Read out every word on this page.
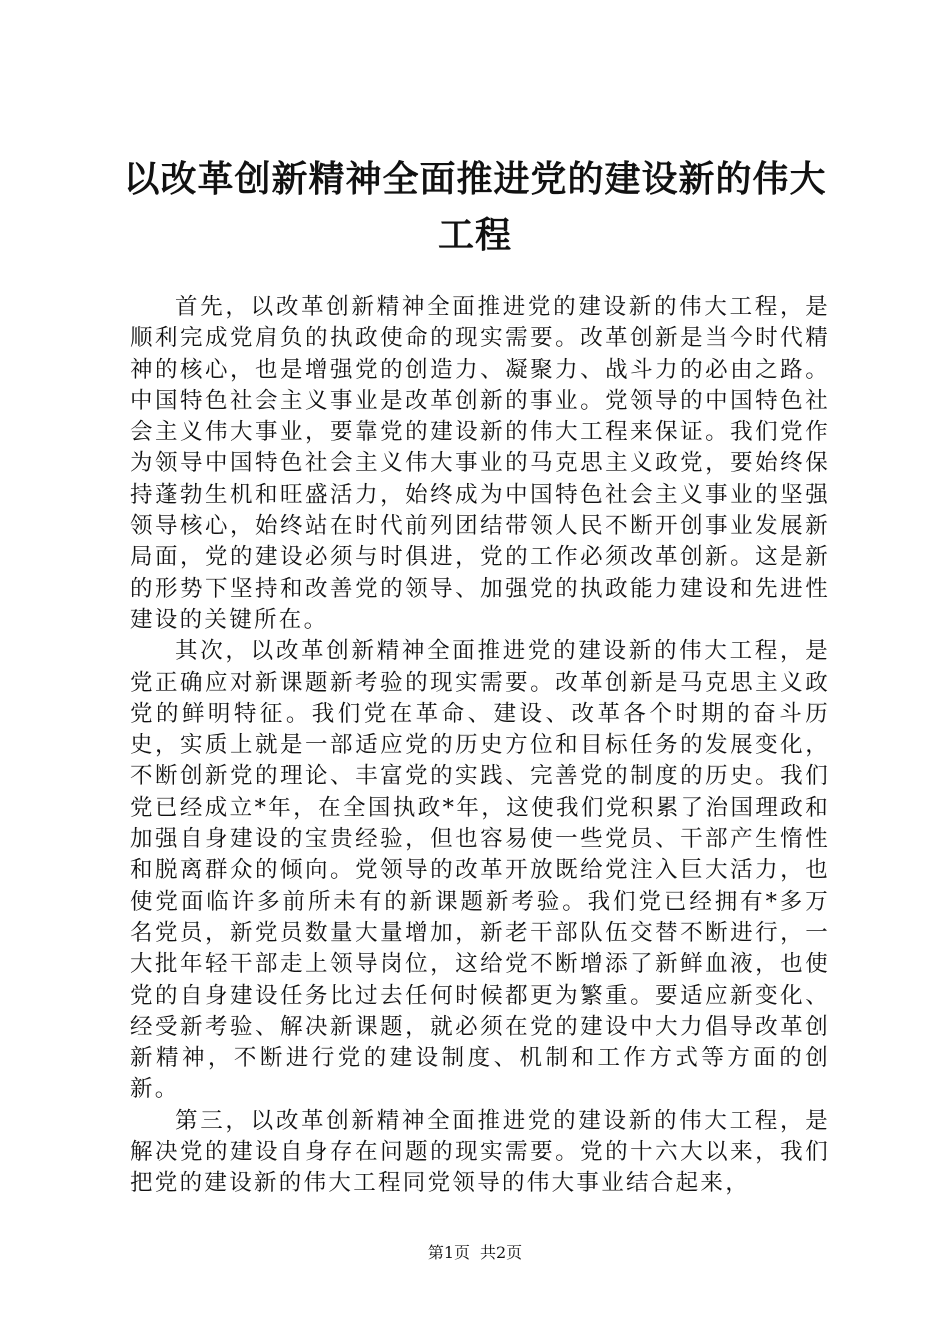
以改革创新精神全面推进党的建设新的伟大工程

首先，以改革创新精神全面推进党的建设新的伟大工程，是顺利完成党肩负的执政使命的现实需要。改革创新是当今时代精神的核心，也是增强党的创造力、凝聚力、战斗力的必由之路。中国特色社会主义事业是改革创新的事业。党领导的中国特色社会主义伟大事业，要靠党的建设新的伟大工程来保证。我们党作为领导中国特色社会主义伟大事业的马克思主义政党，要始终保持蓬勃生机和旺盛活力，始终成为中国特色社会主义事业的坚强领导核心，始终站在时代前列团结带领人民不断开创事业发展新局面，党的建设必须与时俱进，党的工作必须改革创新。这是新的形势下坚持和改善党的领导、加强党的执政能力建设和先进性建设的关键所在。

其次，以改革创新精神全面推进党的建设新的伟大工程，是党正确应对新课题新考验的现实需要。改革创新是马克思主义政党的鲜明特征。我们党在革命、建设、改革各个时期的奋斗历史，实质上就是一部适应党的历史方位和目标任务的发展变化，不断创新党的理论、丰富党的实践、完善党的制度的历史。我们党已经成立*年，在全国执政*年，这使我们党积累了治国理政和加强自身建设的宝贵经验，但也容易使一些党员、干部产生惰性和脱离群众的倾向。党领导的改革开放既给党注入巨大活力，也使党面临许多前所未有的新课题新考验。我们党已经拥有*多万名党员，新党员数量大量增加，新老干部队伍交替不断进行，一大批年轻干部走上领导岗位，这给党不断增添了新鲜血液，也使党的自身建设任务比过去任何时候都更为繁重。要适应新变化、经受新考验、解决新课题，就必须在党的建设中大力倡导改革创新精神，不断进行党的建设制度、机制和工作方式等方面的创新。

第三，以改革创新精神全面推进党的建设新的伟大工程，是解决党的建设自身存在问题的现实需要。党的十六大以来，我们把党的建设新的伟大工程同党领导的伟大事业结合起来，

第1页 共2页
